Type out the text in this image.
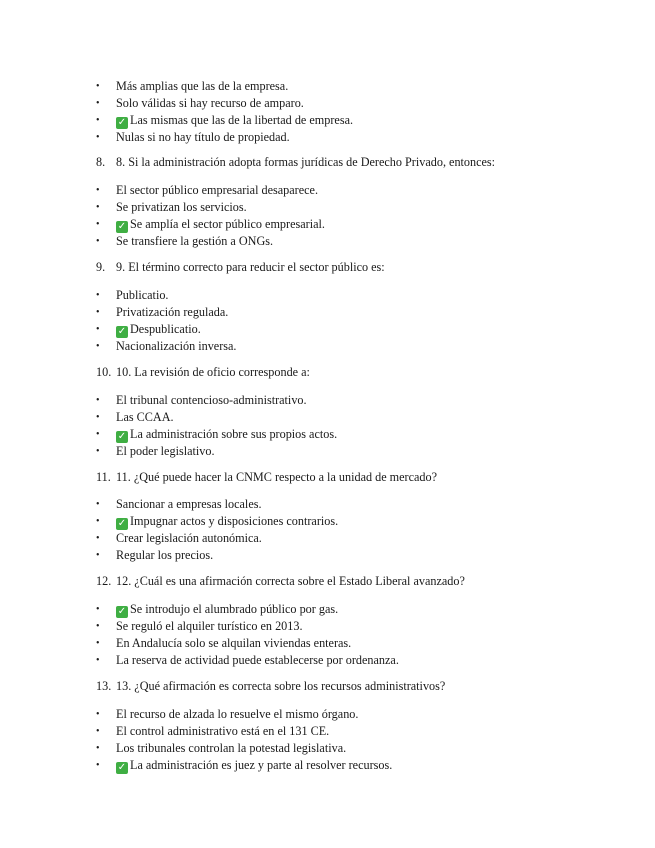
• Más amplias que las de la empresa.
• Solo válidas si hay recurso de amparo.
• ✓ Las mismas que las de la libertad de empresa.
• Nulas si no hay título de propiedad.
8. 8. Si la administración adopta formas jurídicas de Derecho Privado, entonces:
• El sector público empresarial desaparece.
• Se privatizan los servicios.
• ✓ Se amplía el sector público empresarial.
• Se transfiere la gestión a ONGs.
9. 9. El término correcto para reducir el sector público es:
• Publicatio.
• Privatización regulada.
• ✓ Despublicatio.
• Nacionalización inversa.
10. 10. La revisión de oficio corresponde a:
• El tribunal contencioso-administrativo.
• Las CCAA.
• ✓ La administración sobre sus propios actos.
• El poder legislativo.
11. 11. ¿Qué puede hacer la CNMC respecto a la unidad de mercado?
• Sancionar a empresas locales.
• ✓ Impugnar actos y disposiciones contrarios.
• Crear legislación autonómica.
• Regular los precios.
12. 12. ¿Cuál es una afirmación correcta sobre el Estado Liberal avanzado?
• ✓ Se introdujo el alumbrado público por gas.
• Se reguló el alquiler turístico en 2013.
• En Andalucía solo se alquilan viviendas enteras.
• La reserva de actividad puede establecerse por ordenanza.
13. 13. ¿Qué afirmación es correcta sobre los recursos administrativos?
• El recurso de alzada lo resuelve el mismo órgano.
• El control administrativo está en el 131 CE.
• Los tribunales controlan la potestad legislativa.
• ✓ La administración es juez y parte al resolver recursos.
